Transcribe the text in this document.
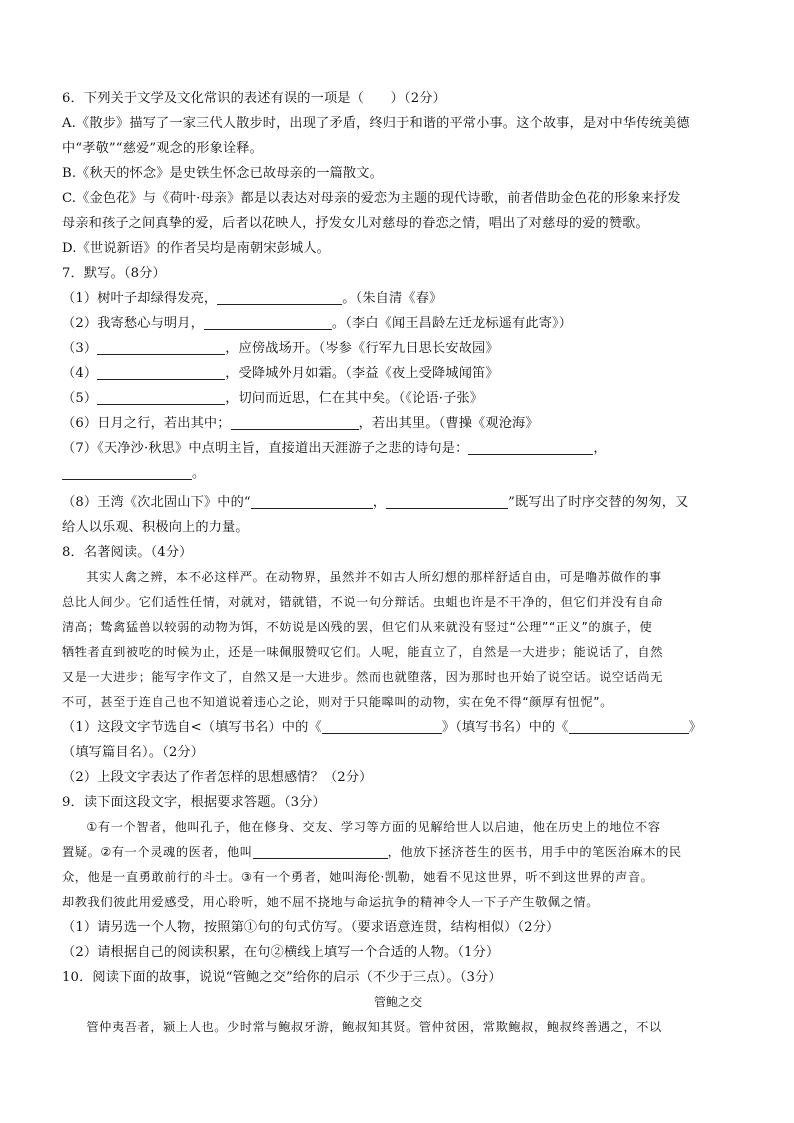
6．下列关于文学及文化常识的表述有误的一项是（　　）（2分）
A.《散步》描写了一家三代人散步时，出现了矛盾，终归于和谐的平常小事。这个故事，是对中华传统美德
中“孝敬”“慈爱”观念的形象诠释。
B.《秋天的怀念》是史铁生怀念已故母亲的一篇散文。
C.《金色花》与《荷叶·母亲》都是以表达对母亲的爱恋为主题的现代诗歌，前者借助金色花的形象来抒发
母亲和孩子之间真挚的爱，后者以花映人，抒发女儿对慈母的眷恋之情，唱出了对慈母的爱的赞歌。
D.《世说新语》的作者吴均是南朝宋彭城人。
7．默写。（8分）
（1）树叶子却绿得发亮，	。（朱自清《春》
（2）我寄愁心与明月，	。（李白《闻王昌龄左迁龙标遥有此寄》）
（3）	，应傍战场开。（岑参《行军九日思长安故园》
（4）	，受降城外月如霜。（李益《夜上受降城闻笛》
（5）	，切问而近思，仁在其中矣。（《论语·子张》
（6）日月之行，若出其中；	，若出其里。（曹操《观沧海》
（7）《天净沙·秋思》中点明主旨，直接道出天涯游子之悲的诗句是：	，
。
（8）王湾《次北固山下》中的“	，	”既写出了时序交替的匆匆，又
给人以乐观、积极向上的力量。
8．名著阅读。（4分）
其实人禽之辨，本不必这样严。在动物界，虽然并不如古人所幻想的那样舒适自由，可是噜苏做作的事
总比人间少。它们适性任情，对就对，错就错，不说一句分辩话。虫蛆也许是不干净的，但它们并没有自命
清高；鸷禽猛兽以较弱的动物为饵，不妨说是凶残的罢，但它们从来就没有竖过“公理”“正义”的旗子，使
牺牲者直到被吃的时候为止，还是一味佩服赞叹它们。人呢，能直立了，自然是一大进步；能说话了，自然
又是一大进步；能写字作文了，自然又是一大进步。然而也就堕落，因为那时也开始了说空话。说空话尚无
不可，甚至于连自己也不知道说着违心之论，则对于只能嗥叫的动物，实在免不得“颜厚有忸怩”。
（1）这段文字节选自<（填写书名）中的《	》（填写书名）中的《	》
（填写篇目名）。（2分）
（2）上段文字表达了作者怎样的思想感情？（2分）
9．读下面这段文字，根据要求答题。（3分）
①有一个智者，他叫孔子，他在修身、交友、学习等方面的见解给世人以启迪，他在历史上的地位不容
置疑。②有一个灵魂的医者，他叫	，他放下拯济苍生的医书，用手中的笔医治麻木的民
众，他是一直勇敢前行的斗士。③有一个勇者，她叫海伦·凯勒，她看不见这世界，听不到这世界的声音。
却教我们彼此用爱感受，用心聆听，她不屈不挠地与命运抗争的精神令人一下子产生敬佩之情。
（1）请另选一个人物，按照第①句的句式仿写。（要求语意连贯，结构相似）（2分）
（2）请根据自己的阅读积累，在句②横线上填写一个合适的人物。（1分）
10．阅读下面的故事，说说“管鲍之交”给你的启示（不少于三点）。（3分）
管鲍之交
管仲夷吾者，颍上人也。少时常与鲍叔牙游，鲍叔知其贤。管仲贫困，常欺鲍叔，鲍叔终善遇之，不以
